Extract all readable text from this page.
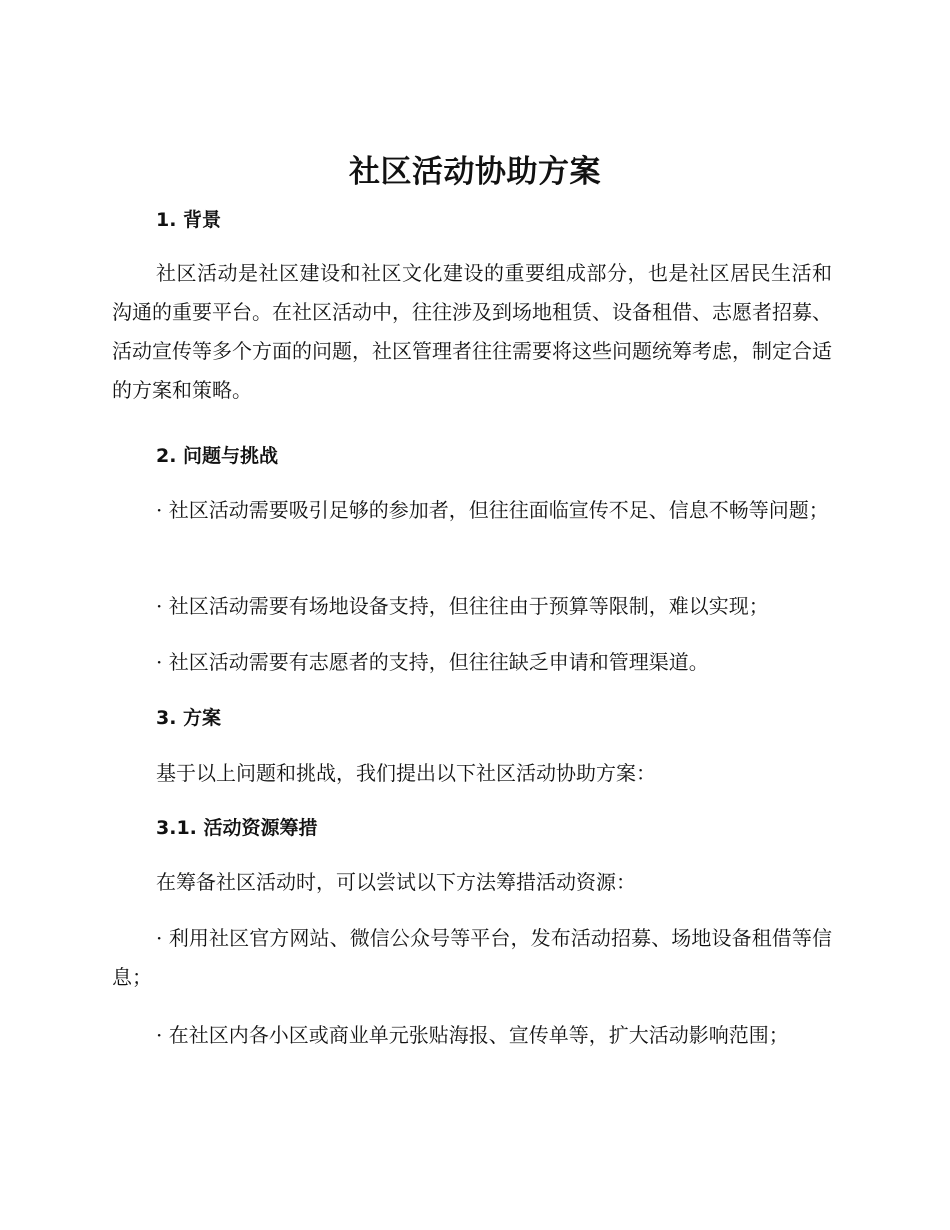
社区活动协助方案
1. 背景

社区活动是社区建设和社区文化建设的重要组成部分，也是社区居民生活和沟通的重要平台。在社区活动中，往往涉及到场地租赁、设备租借、志愿者招募、活动宣传等多个方面的问题，社区管理者往往需要将这些问题统筹考虑，制定合适的方案和策略。

2. 问题与挑战

· 社区活动需要吸引足够的参加者，但往往面临宣传不足、信息不畅等问题；

· 社区活动需要有场地设备支持，但往往由于预算等限制，难以实现；

· 社区活动需要有志愿者的支持，但往往缺乏申请和管理渠道。

3. 方案

基于以上问题和挑战，我们提出以下社区活动协助方案：

3.1. 活动资源筹措

在筹备社区活动时，可以尝试以下方法筹措活动资源：

· 利用社区官方网站、微信公众号等平台，发布活动招募、场地设备租借等信息；

· 在社区内各小区或商业单元张贴海报、宣传单等，扩大活动影响范围；
